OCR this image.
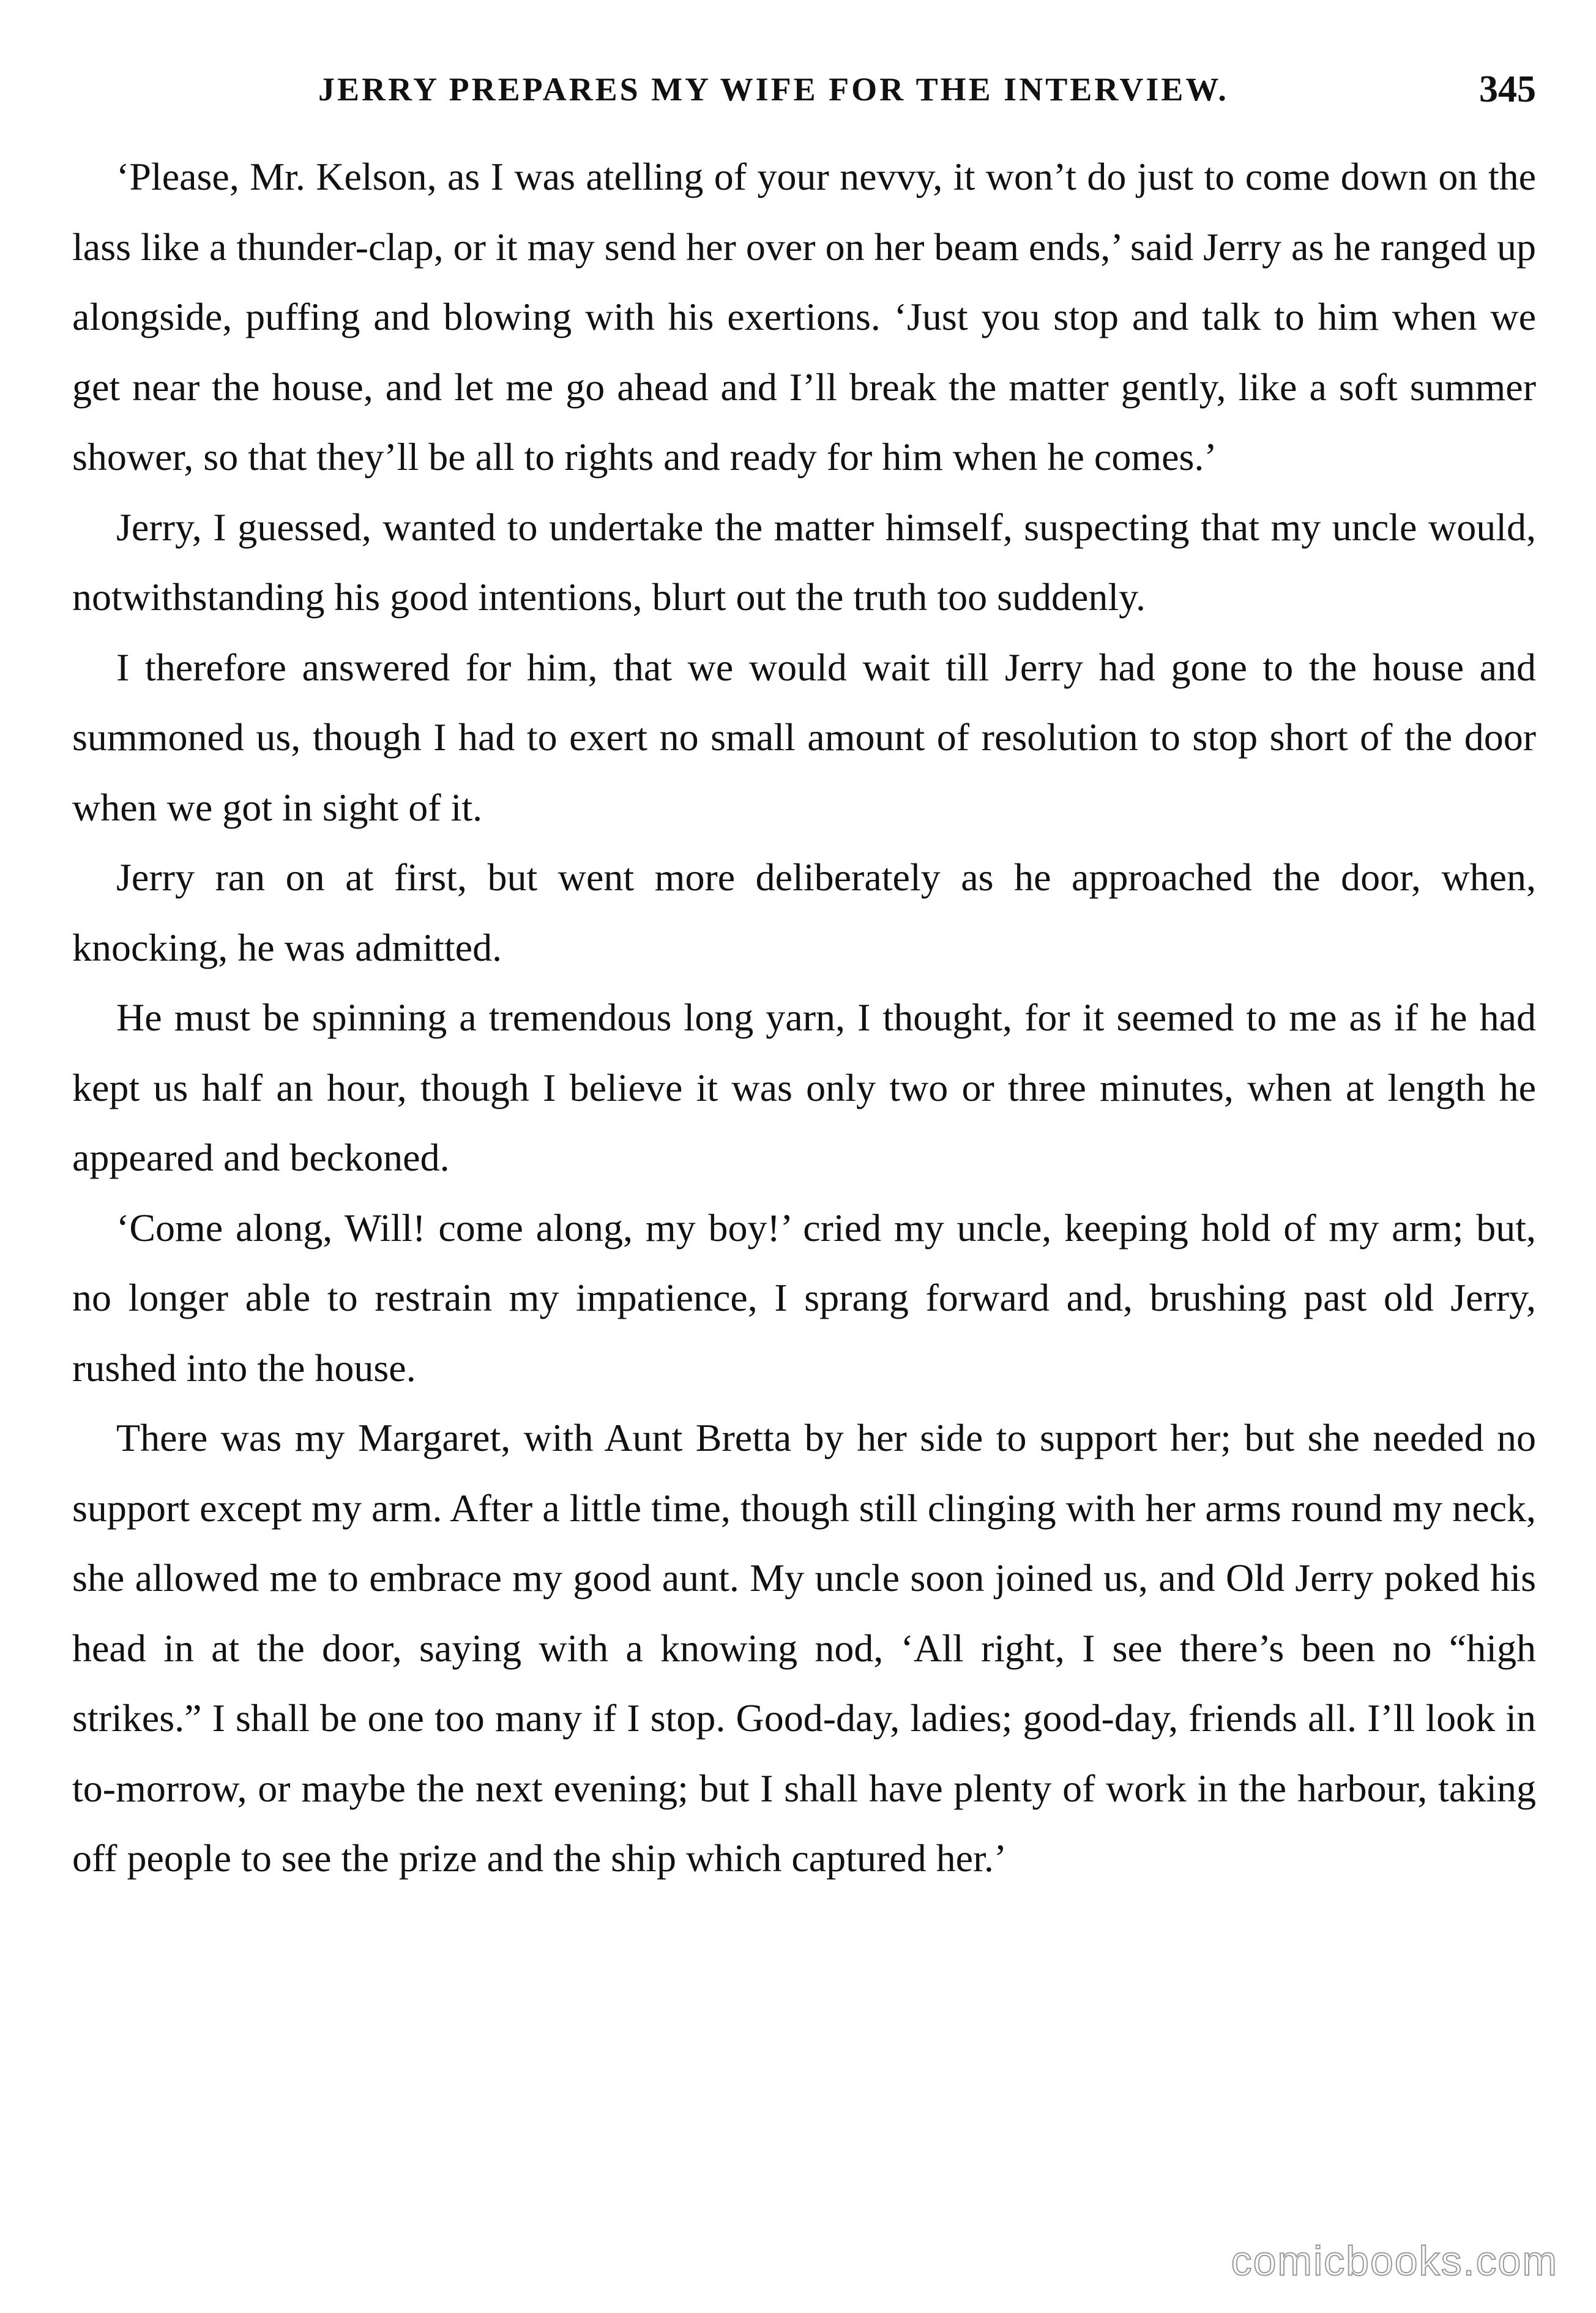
JERRY PREPARES MY WIFE FOR THE INTERVIEW.	345

‘Please, Mr. Kelson, as I was atelling of your nevvy, it won’t do just to come down on the lass like a thunder-clap, or it may send her over on her beam ends,’ said Jerry as he ranged up alongside, puffing and blowing with his exertions. ‘Just you stop and talk to him when we get near the house, and let me go ahead and I’ll break the matter gently, like a soft summer shower, so that they’ll be all to rights and ready for him when he comes.’

Jerry, I guessed, wanted to undertake the matter himself, suspecting that my uncle would, notwithstanding his good intentions, blurt out the truth too suddenly.

I therefore answered for him, that we would wait till Jerry had gone to the house and summoned us, though I had to exert no small amount of resolution to stop short of the door when we got in sight of it.

Jerry ran on at first, but went more deliberately as he approached the door, when, knocking, he was admitted.

He must be spinning a tremendous long yarn, I thought, for it seemed to me as if he had kept us half an hour, though I believe it was only two or three minutes, when at length he appeared and beckoned.

‘Come along, Will! come along, my boy!’ cried my uncle, keeping hold of my arm; but, no longer able to restrain my impatience, I sprang forward and, brushing past old Jerry, rushed into the house.

There was my Margaret, with Aunt Bretta by her side to support her; but she needed no support except my arm. After a little time, though still clinging with her arms round my neck, she allowed me to embrace my good aunt. My uncle soon joined us, and Old Jerry poked his head in at the door, saying with a knowing nod, ‘All right, I see there’s been no “high strikes.” I shall be one too many if I stop. Good-day, ladies; good-day, friends all. I’ll look in to-morrow, or maybe the next evening; but I shall have plenty of work in the harbour, taking off people to see the prize and the ship which captured her.’

comicbooks.com
